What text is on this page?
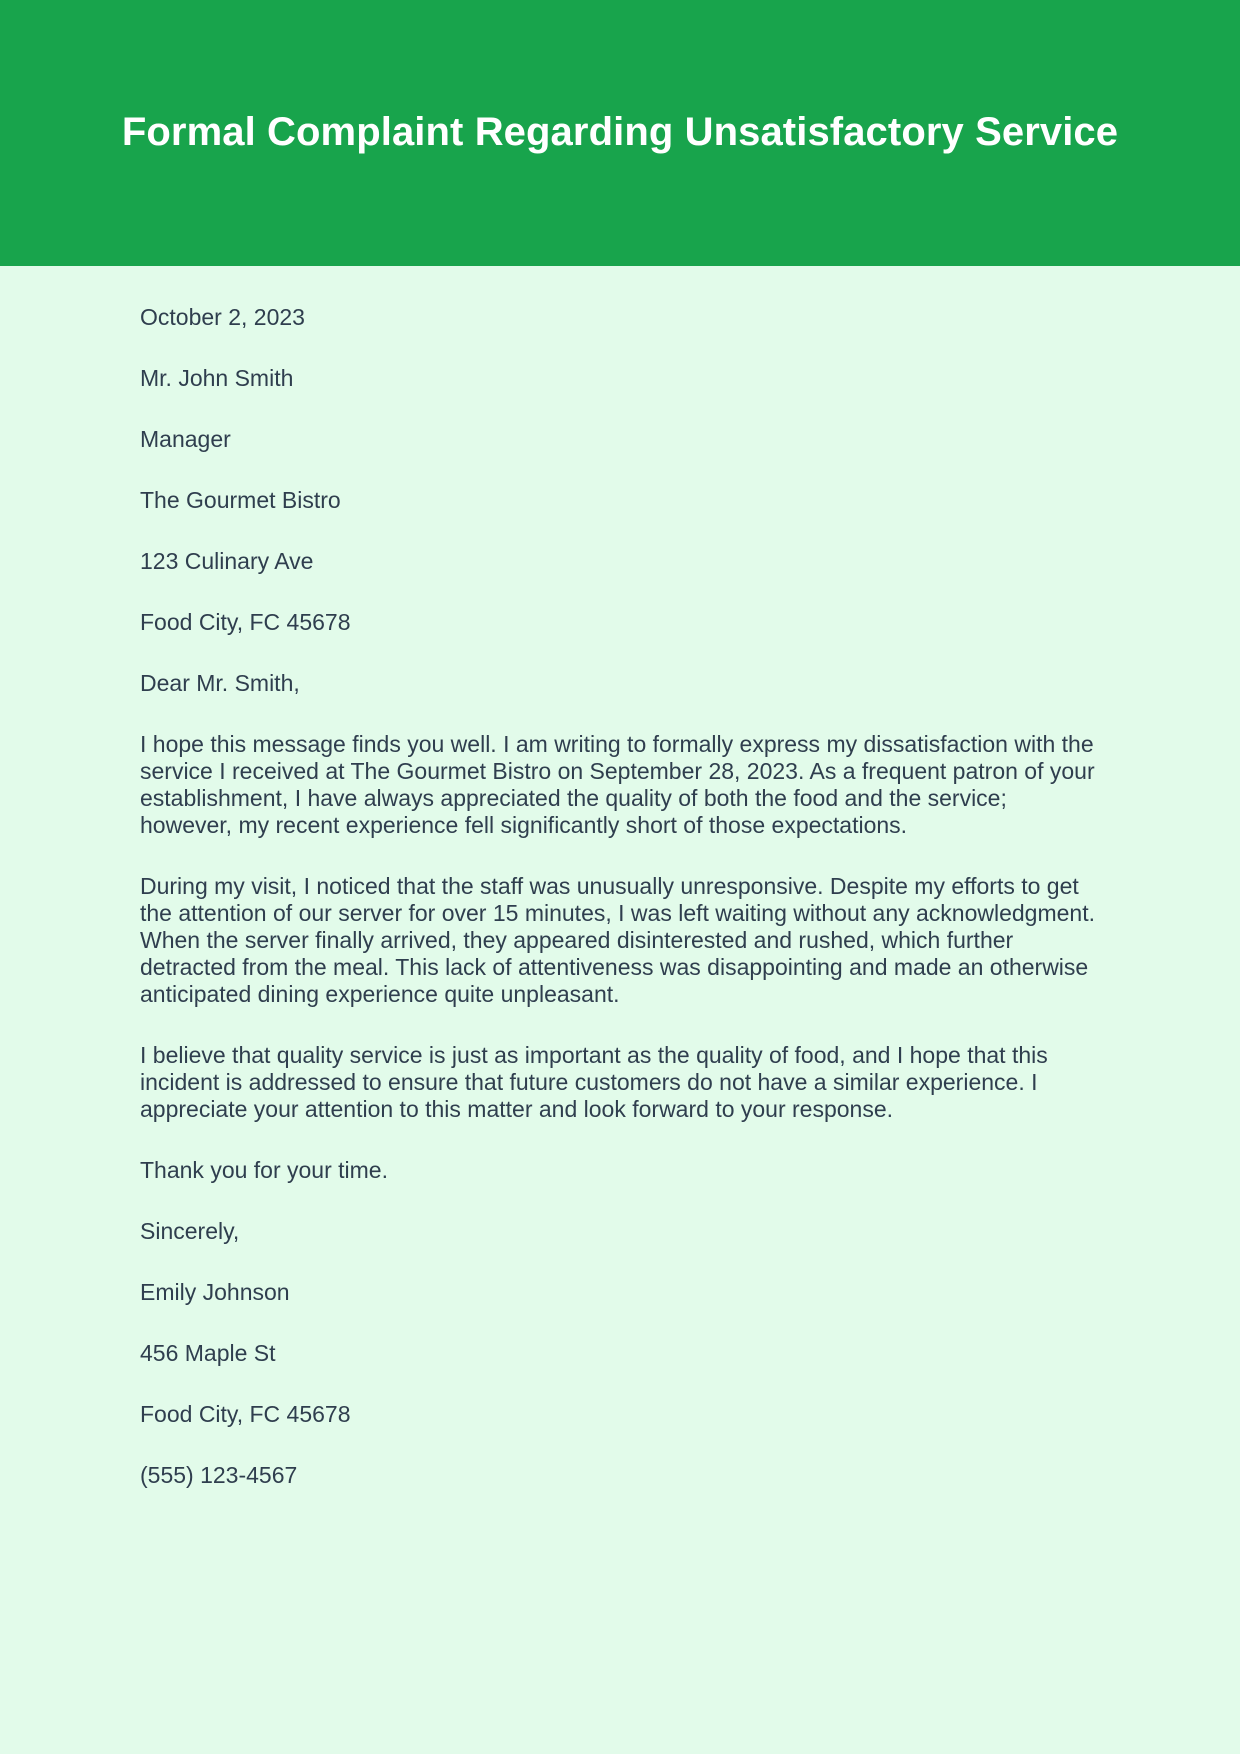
Formal Complaint Regarding Unsatisfactory Service

October 2, 2023

Mr. John Smith

Manager

The Gourmet Bistro

123 Culinary Ave

Food City, FC 45678

Dear Mr. Smith,

I hope this message finds you well. I am writing to formally express my dissatisfaction with the service I received at The Gourmet Bistro on September 28, 2023. As a frequent patron of your establishment, I have always appreciated the quality of both the food and the service; however, my recent experience fell significantly short of those expectations.

During my visit, I noticed that the staff was unusually unresponsive. Despite my efforts to get the attention of our server for over 15 minutes, I was left waiting without any acknowledgment. When the server finally arrived, they appeared disinterested and rushed, which further detracted from the meal. This lack of attentiveness was disappointing and made an otherwise anticipated dining experience quite unpleasant.

I believe that quality service is just as important as the quality of food, and I hope that this incident is addressed to ensure that future customers do not have a similar experience. I appreciate your attention to this matter and look forward to your response.

Thank you for your time.

Sincerely,

Emily Johnson

456 Maple St

Food City, FC 45678

(555) 123-4567
